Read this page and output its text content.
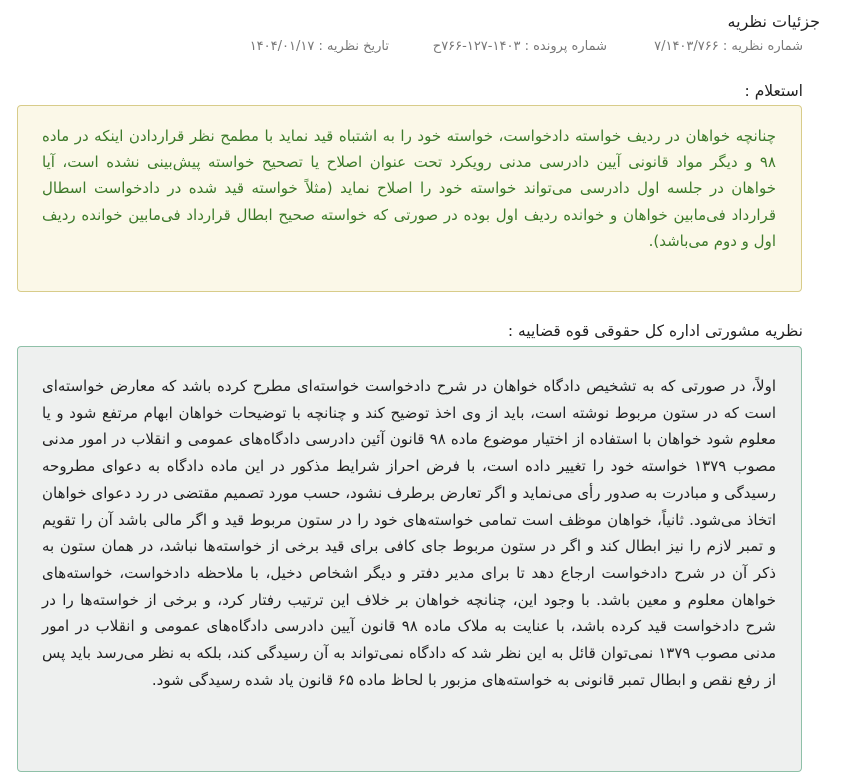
جزئیات نظریه
شماره نظریه : ۷/۱۴۰۳/۷۶۶
شماره پرونده : ۱۴۰۳-۱۲۷-۷۶۶ح
تاریخ نظریه : ۱۴۰۴/۰۱/۱۷
استعلام :
چنانچه خواهان در ردیف خواسته دادخواست، خواسته خود را به اشتباه قید نماید با مطمح نظر قراردادن اینکه در ماده ۹۸ و دیگر مواد قانونی آیین دادرسی مدنی رویکرد تحت عنوان اصلاح یا تصحیح خواسته پیش‌بینی نشده است، آیا خواهان در جلسه اول دادرسی می‌تواند خواسته خود را اصلاح نماید (مثلاً خواسته قید شده در دادخواست اسطال قرارداد فی‌مابین خواهان و خوانده ردیف اول بوده در صورتی که خواسته صحیح ابطال قرارداد فی‌مابین خوانده ردیف اول و دوم می‌باشد).
نظریه مشورتی اداره کل حقوقی قوه قضاییه :
اولاً، در صورتی که به تشخیص دادگاه خواهان در شرح دادخواست خواسته‌ای مطرح کرده باشد که معارض خواسته‌ای است که در ستون مربوط نوشته است، باید از وی اخذ توضیح کند و چنانچه با توضیحات خواهان ابهام مرتفع شود و یا معلوم شود خواهان با استفاده از اختیار موضوع ماده ۹۸ قانون آئین دادرسی دادگاه‌های عمومی و انقلاب در امور مدنی مصوب ۱۳۷۹ خواسته خود را تغییر داده است، با فرض احراز شرایط مذکور در این ماده دادگاه به دعوای مطروحه رسیدگی و مبادرت به صدور رأی می‌نماید و اگر تعارض برطرف نشود، حسب مورد تصمیم مقتضی در رد دعوای خواهان اتخاذ می‌شود. ثانیاً، خواهان موظف است تمامی خواسته‌های خود را در ستون مربوط قید و اگر مالی باشد آن را تقویم و تمبر لازم را نیز ابطال کند و اگر در ستون مربوط جای کافی برای قید برخی از خواسته‌ها نباشد، در همان ستون به ذکر آن در شرح دادخواست ارجاع دهد تا برای مدیر دفتر و دیگر اشخاص دخیل، با ملاحظه دادخواست، خواسته‌های خواهان معلوم و معین باشد. با وجود این، چنانچه خواهان بر خلاف این ترتیب رفتار کرد، و برخی از خواسته‌ها را در شرح دادخواست قید کرده باشد، با عنایت به ملاک ماده ۹۸ قانون آیین دادرسی دادگاه‌های عمومی و انقلاب در امور مدنی مصوب ۱۳۷۹ نمی‌توان قائل به این نظر شد که دادگاه نمی‌تواند به آن رسیدگی کند، بلکه به نظر می‌رسد باید پس از رفع نقص و ابطال تمبر قانونی به خواسته‌های مزبور با لحاظ ماده ۶۵ قانون یاد شده رسیدگی شود.
